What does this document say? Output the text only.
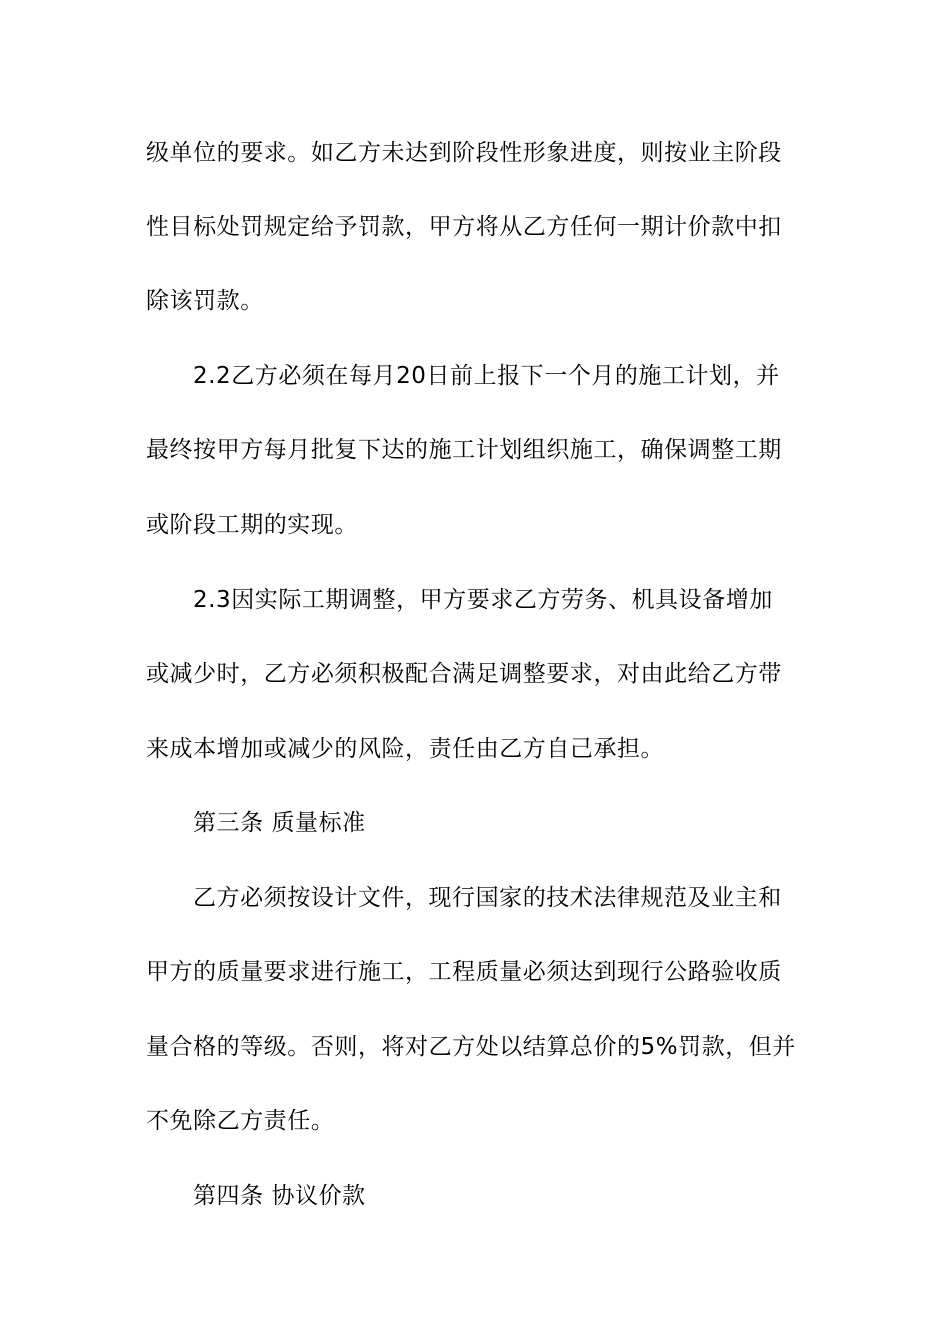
级单位的要求。如乙方未达到阶段性形象进度，则按业主阶段
性目标处罚规定给予罚款，甲方将从乙方任何一期计价款中扣
除该罚款。
2.2乙方必须在每月20日前上报下一个月的施工计划，并
最终按甲方每月批复下达的施工计划组织施工，确保调整工期
或阶段工期的实现。
2.3因实际工期调整，甲方要求乙方劳务、机具设备增加
或减少时，乙方必须积极配合满足调整要求，对由此给乙方带
来成本增加或减少的风险，责任由乙方自己承担。
第三条 质量标准
乙方必须按设计文件，现行国家的技术法律规范及业主和
甲方的质量要求进行施工，工程质量必须达到现行公路验收质
量合格的等级。否则，将对乙方处以结算总价的5%罚款，但并
不免除乙方责任。
第四条 协议价款
